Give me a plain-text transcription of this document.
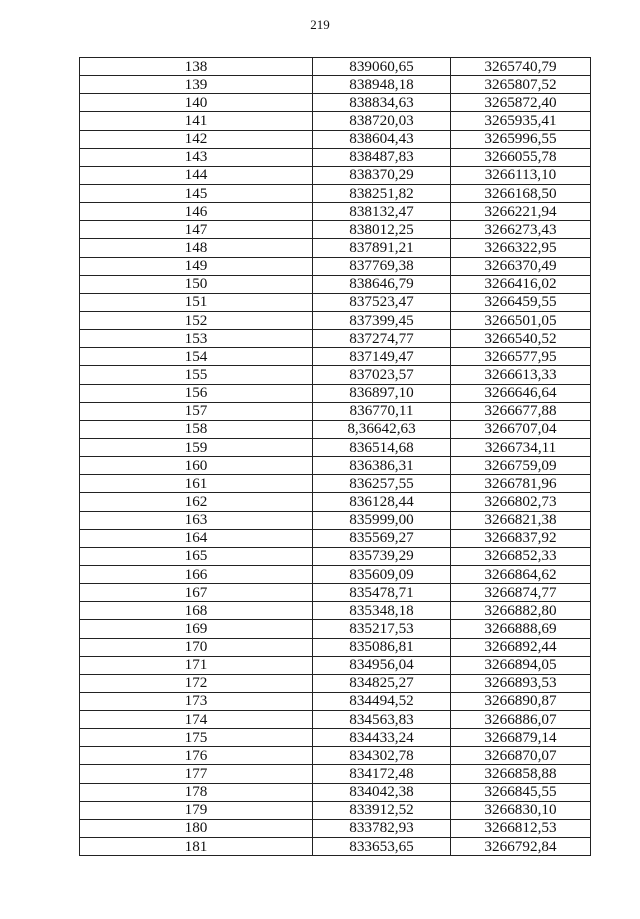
219
138	839060,65	3265740,79
139	838948,18	3265807,52
140	838834,63	3265872,40
141	838720,03	3265935,41
142	838604,43	3265996,55
143	838487,83	3266055,78
144	838370,29	3266113,10
145	838251,82	3266168,50
146	838132,47	3266221,94
147	838012,25	3266273,43
148	837891,21	3266322,95
149	837769,38	3266370,49
150	838646,79	3266416,02
151	837523,47	3266459,55
152	837399,45	3266501,05
153	837274,77	3266540,52
154	837149,47	3266577,95
155	837023,57	3266613,33
156	836897,10	3266646,64
157	836770,11	3266677,88
158	8,36642,63	3266707,04
159	836514,68	3266734,11
160	836386,31	3266759,09
161	836257,55	3266781,96
162	836128,44	3266802,73
163	835999,00	3266821,38
164	835569,27	3266837,92
165	835739,29	3266852,33
166	835609,09	3266864,62
167	835478,71	3266874,77
168	835348,18	3266882,80
169	835217,53	3266888,69
170	835086,81	3266892,44
171	834956,04	3266894,05
172	834825,27	3266893,53
173	834494,52	3266890,87
174	834563,83	3266886,07
175	834433,24	3266879,14
176	834302,78	3266870,07
177	834172,48	3266858,88
178	834042,38	3266845,55
179	833912,52	3266830,10
180	833782,93	3266812,53
181	833653,65	3266792,84
